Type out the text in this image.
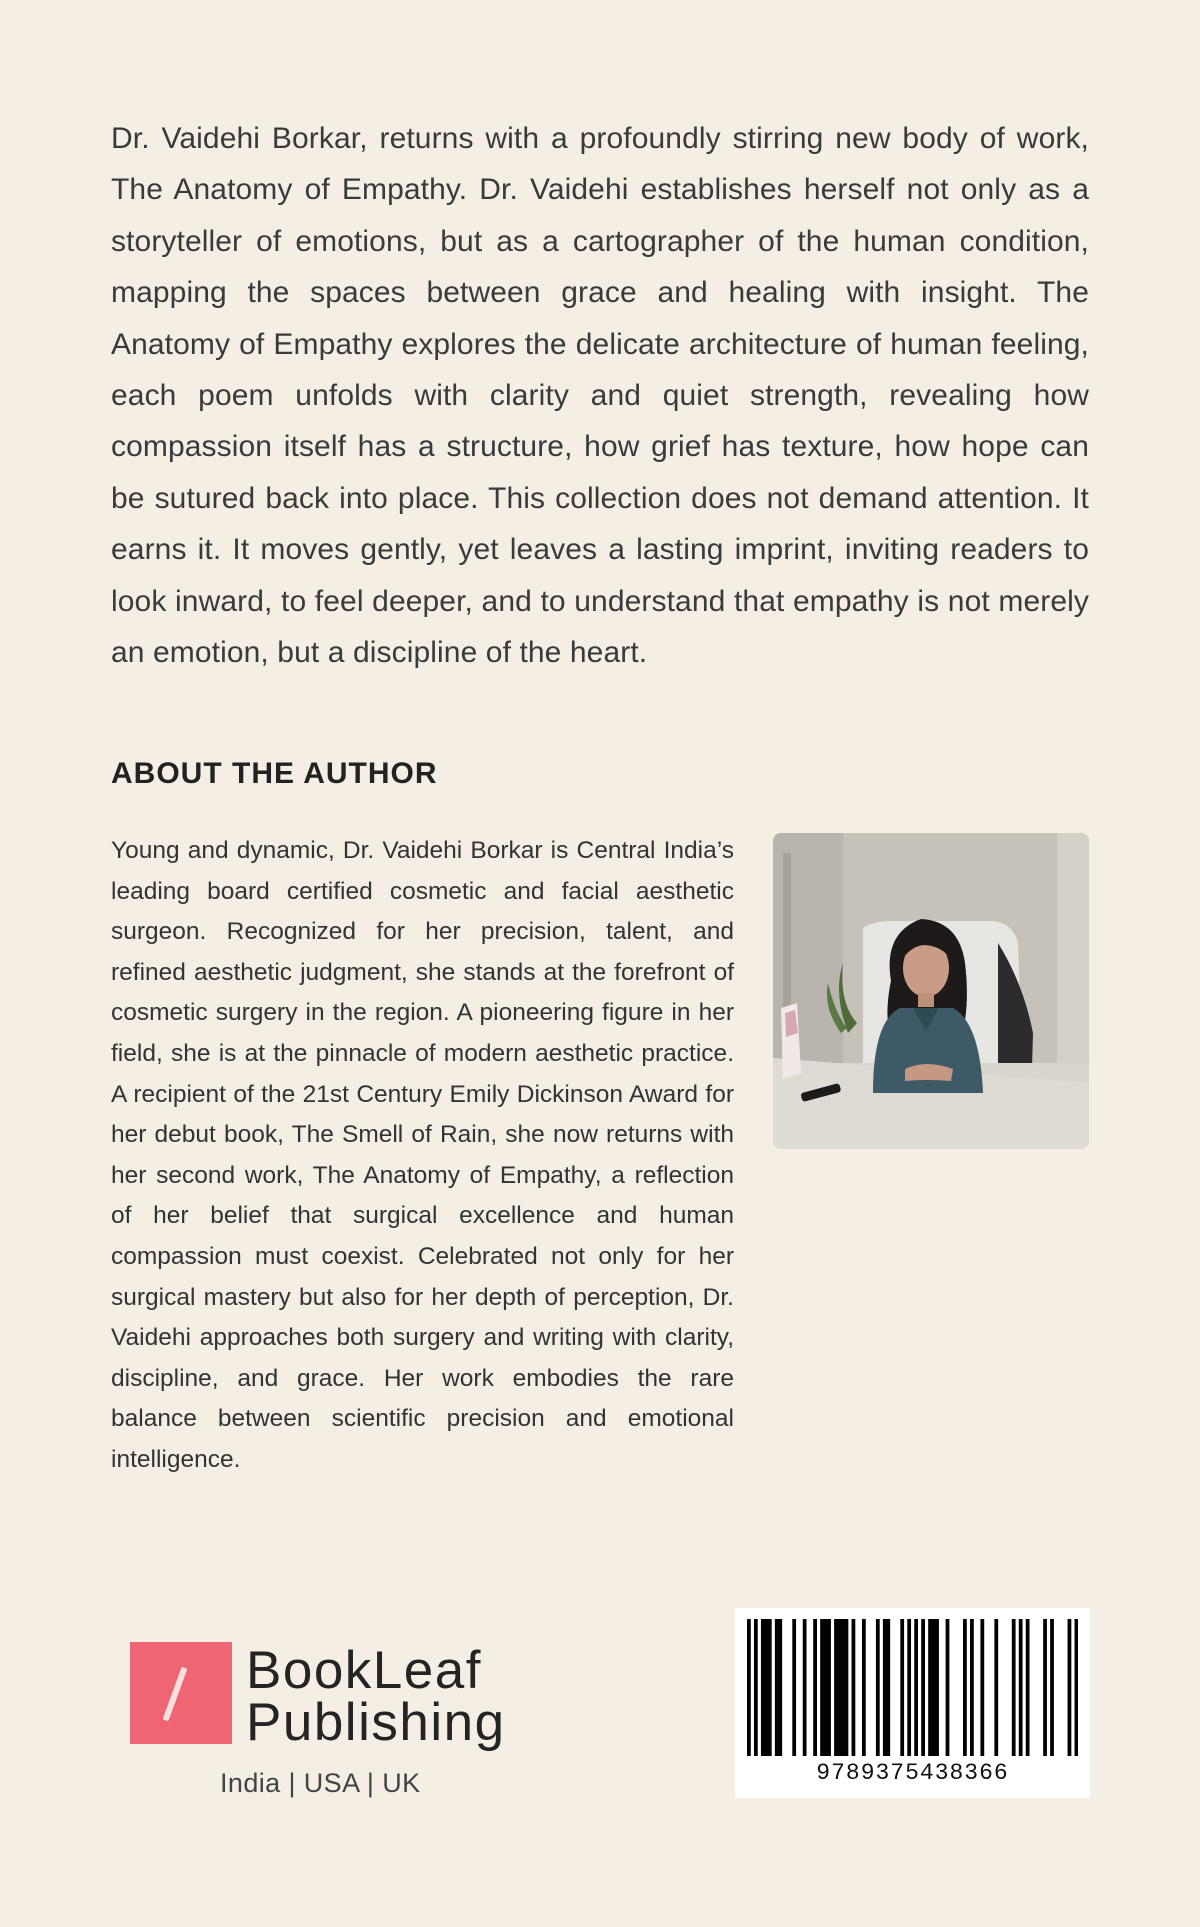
Dr. Vaidehi Borkar, returns with a profoundly stirring new body of work, The Anatomy of Empathy. Dr. Vaidehi establishes herself not only as a storyteller of emotions, but as a cartographer of the human condition, mapping the spaces between grace and healing with insight. The Anatomy of Empathy explores the delicate architecture of human feeling, each poem unfolds with clarity and quiet strength, revealing how compassion itself has a structure, how grief has texture, how hope can be sutured back into place. This collection does not demand attention. It earns it. It moves gently, yet leaves a lasting imprint, inviting readers to look inward, to feel deeper, and to understand that empathy is not merely an emotion, but a discipline of the heart.
ABOUT THE AUTHOR
Young and dynamic, Dr. Vaidehi Borkar is Central India’s leading board certified cosmetic and facial aesthetic surgeon. Recognized for her precision, talent, and refined aesthetic judgment, she stands at the forefront of cosmetic surgery in the region. A pioneering figure in her field, she is at the pinnacle of modern aesthetic practice. A recipient of the 21st Century Emily Dickinson Award for her debut book, The Smell of Rain, she now returns with her second work, The Anatomy of Empathy, a reflection of her belief that surgical excellence and human compassion must coexist. Celebrated not only for her surgical mastery but also for her depth of perception, Dr. Vaidehi approaches both surgery and writing with clarity, discipline, and grace. Her work embodies the rare balance between scientific precision and emotional intelligence.
BookLeaf
Publishing
India | USA | UK	9789375438366
